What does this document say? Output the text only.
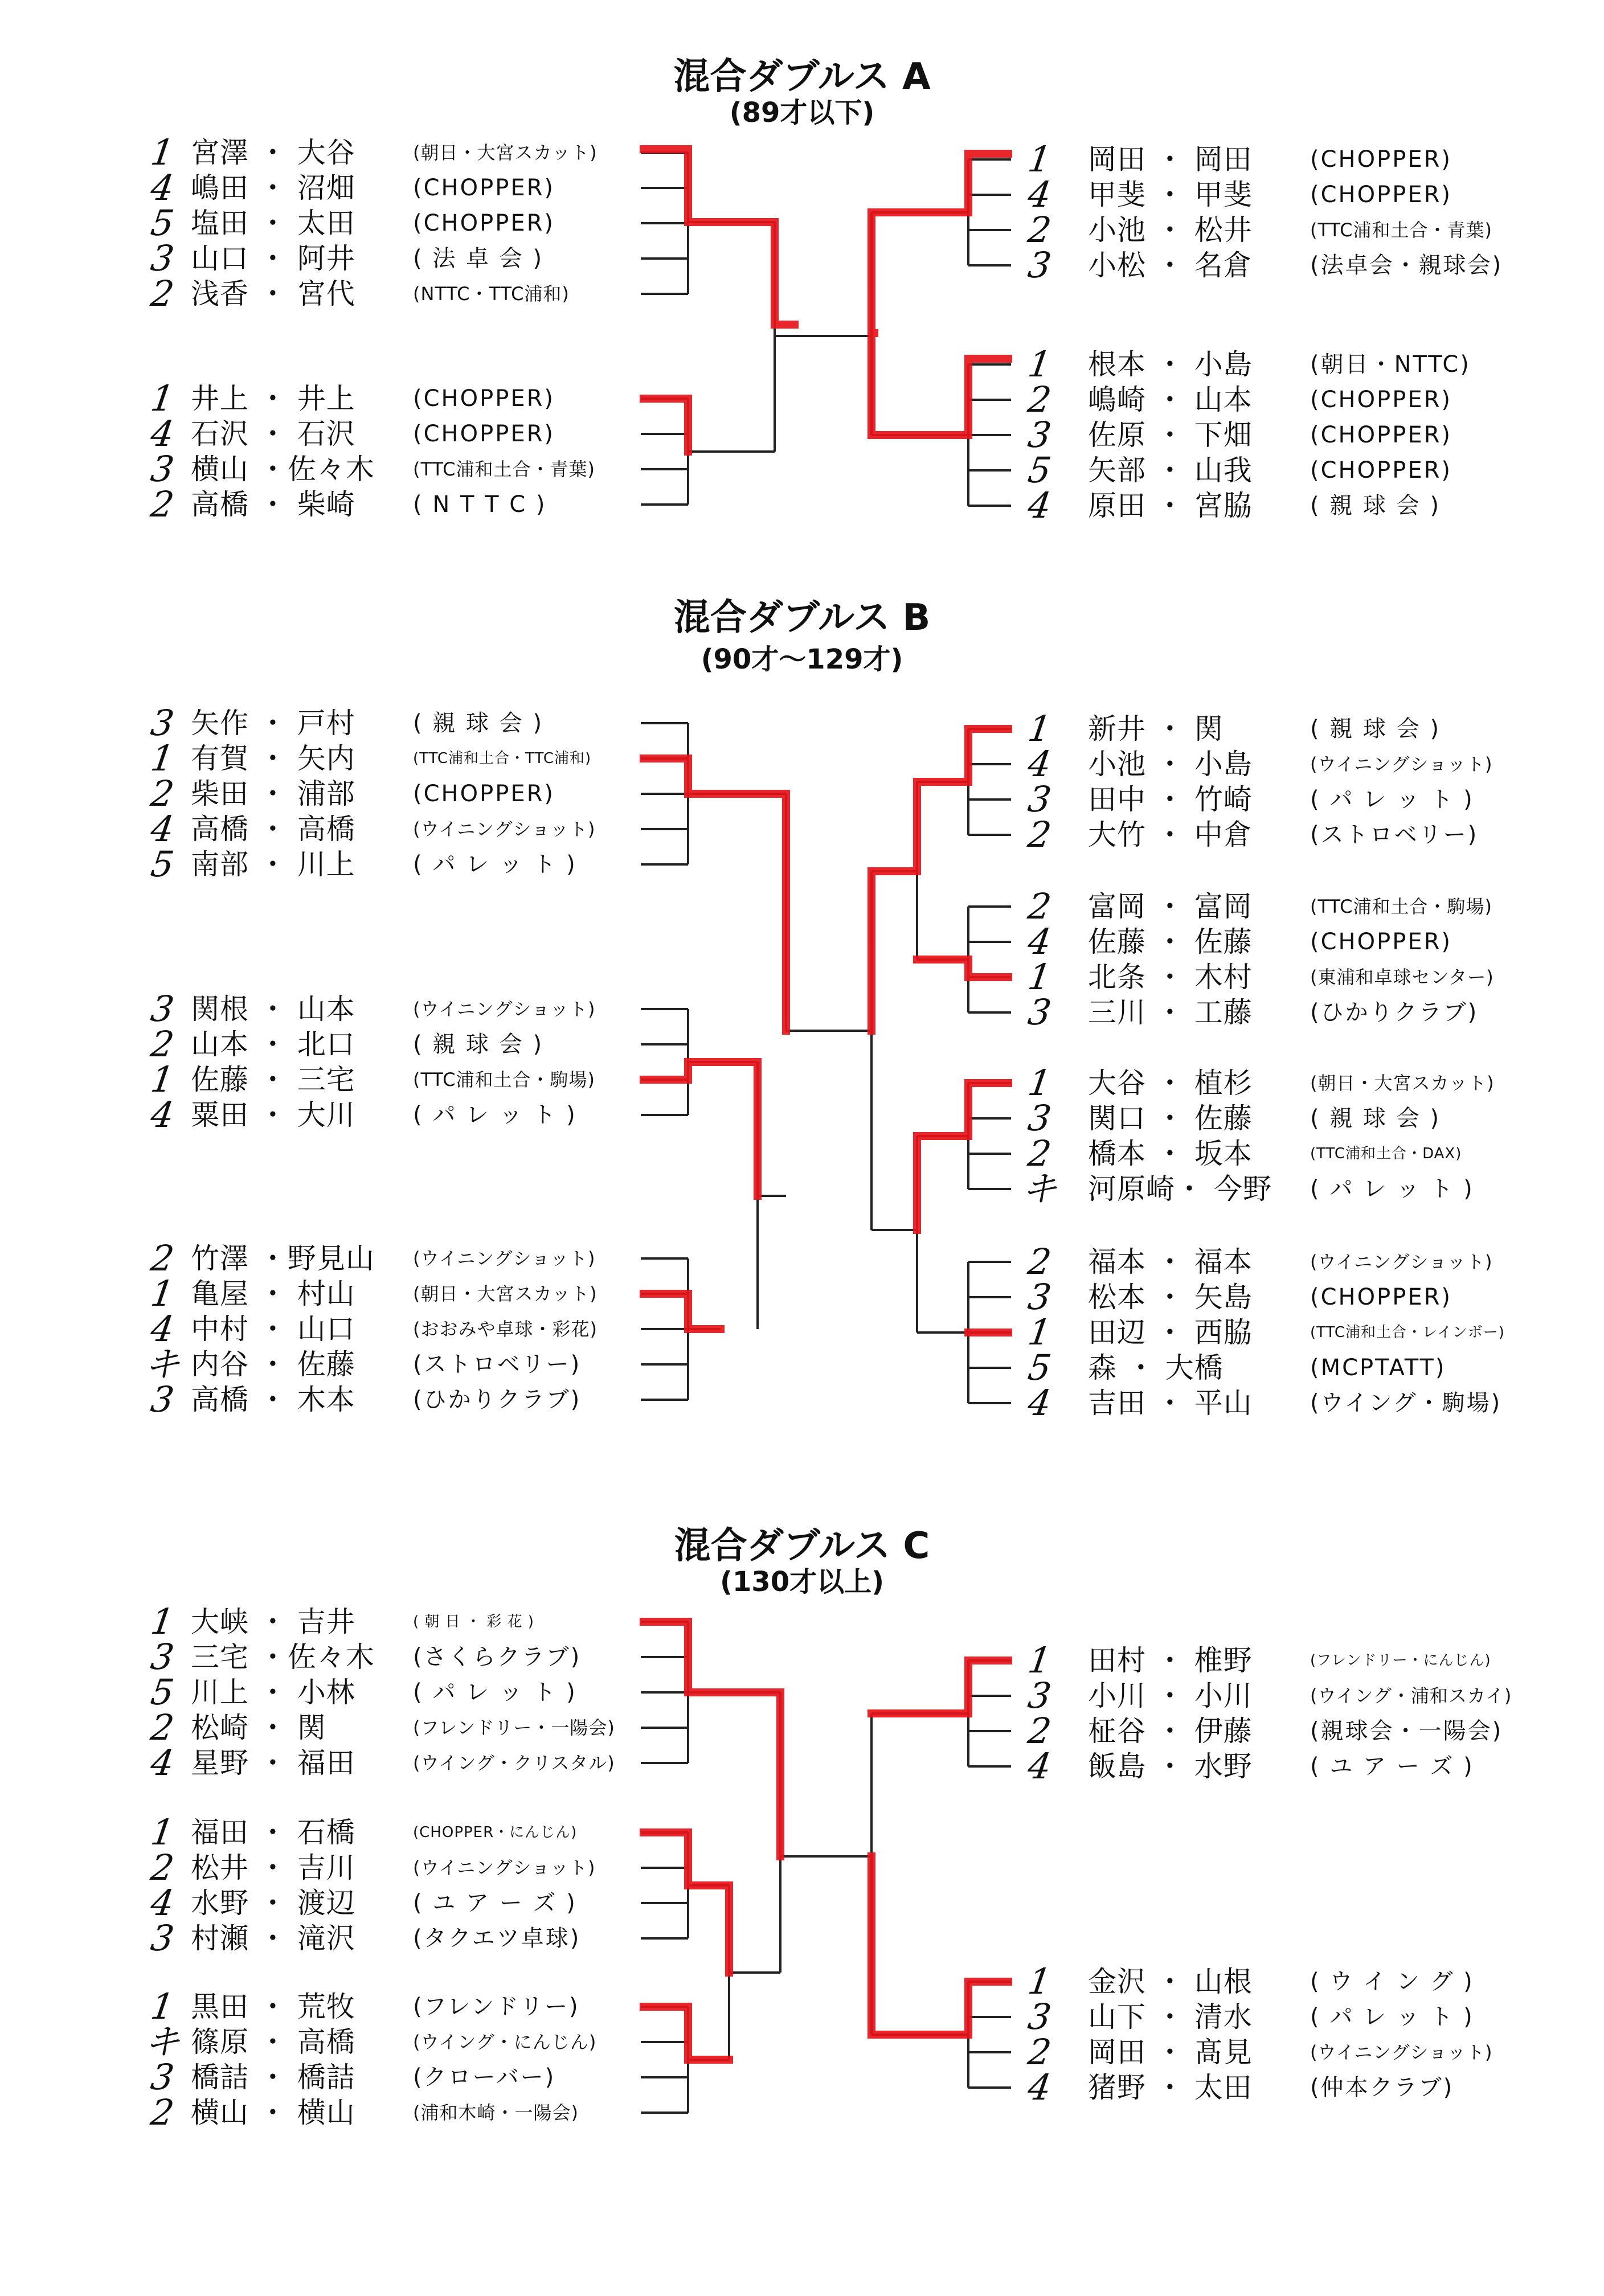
混合ダブルス A
(89才以下)
1 宮澤 ・ 大谷	(朝日・大宮スカット)
4 嶋田 ・ 沼畑	(CHOPPER)
5 塩田 ・ 太田	(CHOPPER)
3 山口 ・ 阿井	( 法 卓 会 )
2 浅香 ・ 宮代	(NTTC・TTC浦和)
1 井上 ・ 井上	(CHOPPER)
4 石沢 ・ 石沢	(CHOPPER)
3 横山 ・佐々木	(TTC浦和土合・青葉)
2 高橋 ・ 柴崎	( N T T C )
1 岡田 ・ 岡田	(CHOPPER)
4 甲斐 ・ 甲斐	(CHOPPER)
2 小池 ・ 松井	(TTC浦和土合・青葉)
3 小松 ・ 名倉	(法卓会・親球会)
1 根本 ・ 小島	(朝日・NTTC)
2 嶋崎 ・ 山本	(CHOPPER)
3 佐原 ・ 下畑	(CHOPPER)
5 矢部 ・ 山我	(CHOPPER)
4 原田 ・ 宮脇	( 親 球 会 )
混合ダブルス B
(90才～129才)
3 矢作 ・ 戸村	( 親 球 会 )
1 有賀 ・ 矢内	(TTC浦和土合・TTC浦和)
2 柴田 ・ 浦部	(CHOPPER)
4 高橋 ・ 高橋	(ウイニングショット)
5 南部 ・ 川上	( パ レ ッ ト )
3 関根 ・ 山本	(ウイニングショット)
2 山本 ・ 北口	( 親 球 会 )
1 佐藤 ・ 三宅	(TTC浦和土合・駒場)
4 粟田 ・ 大川	( パ レ ッ ト )
2 竹澤 ・野見山	(ウイニングショット)
1 亀屋 ・ 村山	(朝日・大宮スカット)
4 中村 ・ 山口	(おおみや卓球・彩花)
キ 内谷 ・ 佐藤	(ストロベリー)
3 高橋 ・ 木本	(ひかりクラブ)
1 新井 ・ 関	( 親 球 会 )
4 小池 ・ 小島	(ウイニングショット)
3 田中 ・ 竹崎	( パ レ ッ ト )
2 大竹 ・ 中倉	(ストロベリー)
2 富岡 ・ 富岡	(TTC浦和土合・駒場)
4 佐藤 ・ 佐藤	(CHOPPER)
1 北条 ・ 木村	(東浦和卓球センター)
3 三川 ・ 工藤	(ひかりクラブ)
1 大谷 ・ 植杉	(朝日・大宮スカット)
3 関口 ・ 佐藤	( 親 球 会 )
2 橋本 ・ 坂本	(TTC浦和土合・DAX)
キ 河原崎・ 今野	( パ レ ッ ト )
2 福本 ・ 福本	(ウイニングショット)
3 松本 ・ 矢島	(CHOPPER)
1 田辺 ・ 西脇	(TTC浦和土合・レインボー)
5 森 ・ 大橋	(MCPTATT)
4 吉田 ・ 平山	(ウイング・駒場)
混合ダブルス C
(130才以上)
1 大峡 ・ 吉井	( 朝 日 ・ 彩 花 )
3 三宅 ・佐々木	(さくらクラブ)
5 川上 ・ 小林	( パ レ ッ ト )
2 松崎 ・ 関	(フレンドリー・一陽会)
4 星野 ・ 福田	(ウイング・クリスタル)
1 福田 ・ 石橋	(CHOPPER・にんじん)
2 松井 ・ 吉川	(ウイニングショット)
4 水野 ・ 渡辺	( ユ ア ー ズ )
3 村瀬 ・ 滝沢	(タクエツ卓球)
1 黒田 ・ 荒牧	(フレンドリー)
キ 篠原 ・ 高橋	(ウイング・にんじん)
3 橋詰 ・ 橋詰	(クローバー)
2 横山 ・ 横山	(浦和木崎・一陽会)
1 田村 ・ 椎野	(フレンドリー・にんじん)
3 小川 ・ 小川	(ウイング・浦和スカイ)
2 柾谷 ・ 伊藤	(親球会・一陽会)
4 飯島 ・ 水野	( ユ ア ー ズ )
1 金沢 ・ 山根	( ウ イ ン グ )
3 山下 ・ 清水	( パ レ ッ ト )
2 岡田 ・ 髙見	(ウイニングショット)
4 猪野 ・ 太田	(仲本クラブ)
